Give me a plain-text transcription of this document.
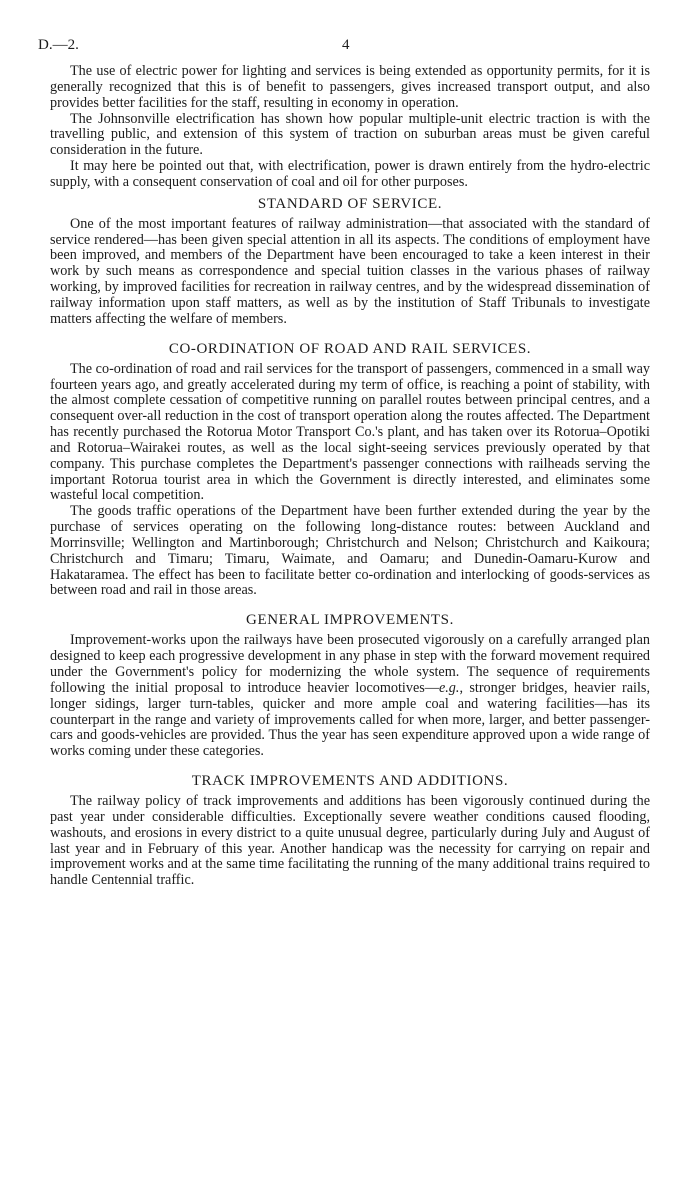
D.—2.	4

The use of electric power for lighting and services is being extended as opportunity permits, for it is generally recognized that this is of benefit to passengers, gives increased transport output, and also provides better facilities for the staff, resulting in economy in operation.

The Johnsonville electrification has shown how popular multiple-unit electric traction is with the travelling public, and extension of this system of traction on suburban areas must be given careful consideration in the future.

It may here be pointed out that, with electrification, power is drawn entirely from the hydro-electric supply, with a consequent conservation of coal and oil for other purposes.

STANDARD OF SERVICE.

One of the most important features of railway administration—that associated with the standard of service rendered—has been given special attention in all its aspects. The conditions of employment have been improved, and members of the Department have been encouraged to take a keen interest in their work by such means as correspondence and special tuition classes in the various phases of railway working, by improved facilities for recreation in railway centres, and by the widespread dissemination of railway information upon staff matters, as well as by the institution of Staff Tribunals to investigate matters affecting the welfare of members.

CO-ORDINATION OF ROAD AND RAIL SERVICES.

The co-ordination of road and rail services for the transport of passengers, commenced in a small way fourteen years ago, and greatly accelerated during my term of office, is reaching a point of stability, with the almost complete cessation of competitive running on parallel routes between principal centres, and a consequent over-all reduction in the cost of transport operation along the routes affected. The Department has recently purchased the Rotorua Motor Transport Co.'s plant, and has taken over its Rotorua–Opotiki and Rotorua–Wairakei routes, as well as the local sight-seeing services previously operated by that company. This purchase completes the Department's passenger connections with railheads serving the important Rotorua tourist area in which the Government is directly interested, and eliminates some wasteful local competition.

The goods traffic operations of the Department have been further extended during the year by the purchase of services operating on the following long-distance routes: between Auckland and Morrinsville; Wellington and Martinborough; Christchurch and Nelson; Christchurch and Kaikoura; Christchurch and Timaru; Timaru, Waimate, and Oamaru; and Dunedin-Oamaru-Kurow and Hakataramea. The effect has been to facilitate better co-ordination and interlocking of goods-services as between road and rail in those areas.

GENERAL IMPROVEMENTS.

Improvement-works upon the railways have been prosecuted vigorously on a carefully arranged plan designed to keep each progressive development in any phase in step with the forward movement required under the Government's policy for modernizing the whole system. The sequence of requirements following the initial proposal to introduce heavier locomotives—e.g., stronger bridges, heavier rails, longer sidings, larger turn-tables, quicker and more ample coal and watering facilities—has its counterpart in the range and variety of improvements called for when more, larger, and better passenger-cars and goods-vehicles are provided. Thus the year has seen expenditure approved upon a wide range of works coming under these categories.

TRACK IMPROVEMENTS AND ADDITIONS.

The railway policy of track improvements and additions has been vigorously continued during the past year under considerable difficulties. Exceptionally severe weather conditions caused flooding, washouts, and erosions in every district to a quite unusual degree, particularly during July and August of last year and in February of this year. Another handicap was the necessity for carrying on repair and improvement works and at the same time facilitating the running of the many additional trains required to handle Centennial traffic.
